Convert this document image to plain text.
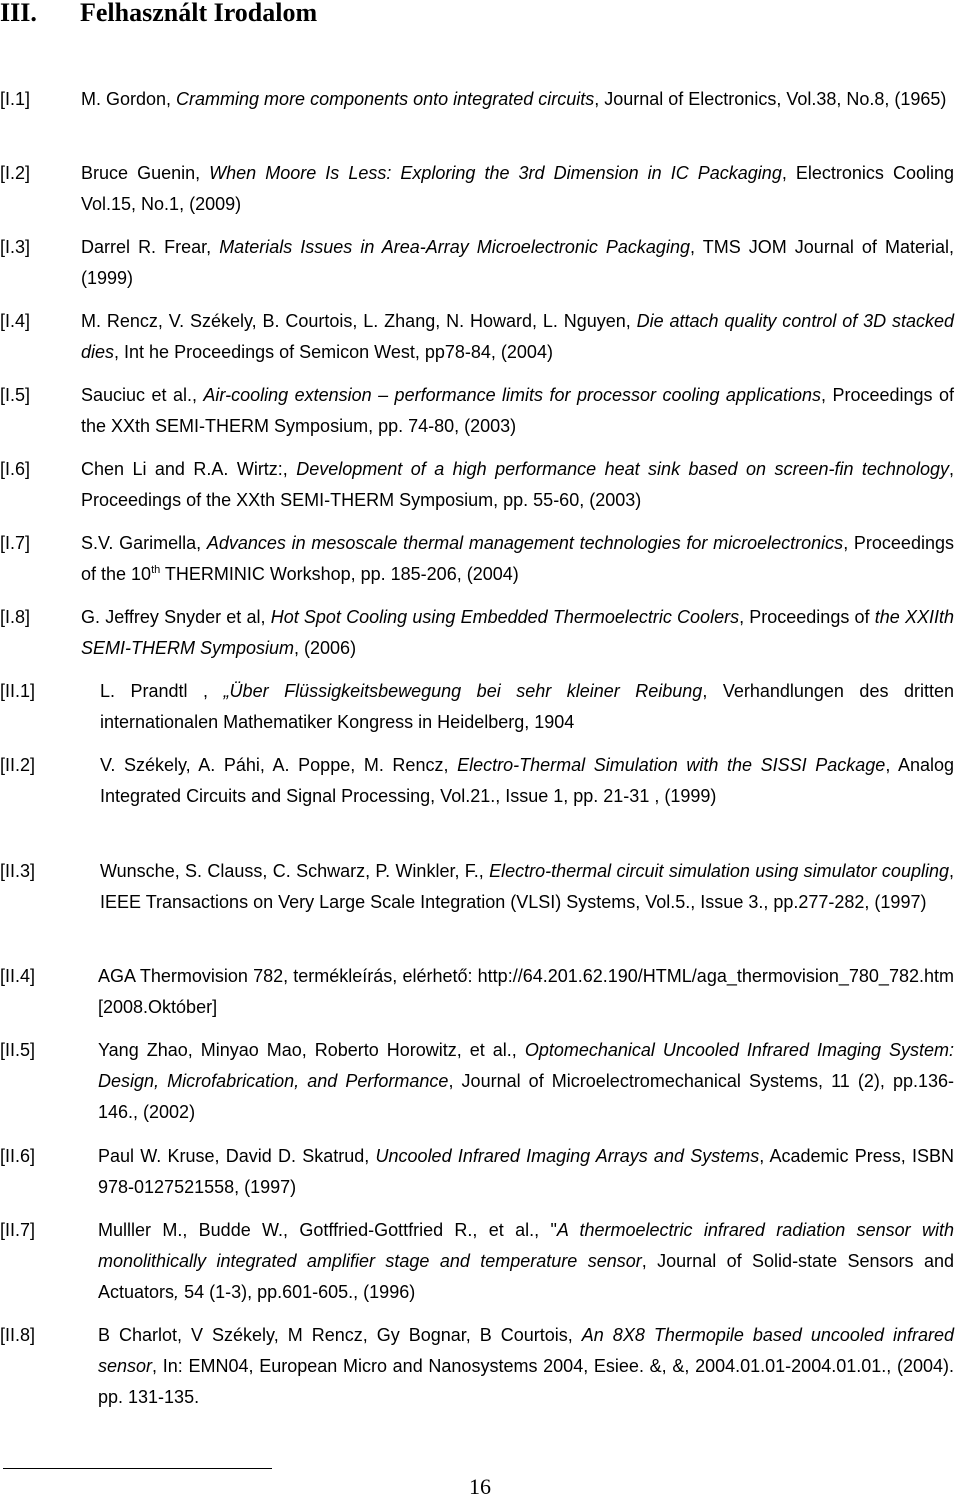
III. Felhasznált Irodalom
[I.1]	M. Gordon, Cramming more components onto integrated circuits, Journal of Electronics, Vol.38, No.8, (1965)
[I.2]	Bruce Guenin, When Moore Is Less: Exploring the 3rd Dimension in IC Packaging, Electronics Cooling Vol.15, No.1, (2009)
[I.3]	Darrel R. Frear, Materials Issues in Area-Array Microelectronic Packaging, TMS JOM Journal of Material, (1999)
[I.4]	M. Rencz, V. Székely, B. Courtois, L. Zhang, N. Howard, L. Nguyen, Die attach quality control of 3D stacked dies, Int he Proceedings of Semicon West, pp78-84, (2004)
[I.5]	Sauciuc et al., Air-cooling extension – performance limits for processor cooling applications, Proceedings of the XXth SEMI-THERM Symposium, pp. 74-80, (2003)
[I.6]	Chen Li and R.A. Wirtz:, Development of a high performance heat sink based on screen-fin technology, Proceedings of the XXth SEMI-THERM Symposium, pp. 55-60, (2003)
[I.7]	S.V. Garimella, Advances in mesoscale thermal management technologies for microelectronics, Proceedings of the 10th THERMINIC Workshop, pp. 185-206, (2004)
[I.8]	G. Jeffrey Snyder et al, Hot Spot Cooling using Embedded Thermoelectric Coolers, Proceedings of the XXIIth SEMI-THERM Symposium, (2006)
[II.1]	L. Prandtl , „Über Flüssigkeitsbewegung bei sehr kleiner Reibung, Verhandlungen des dritten internationalen Mathematiker Kongress in Heidelberg, 1904
[II.2]	V. Székely, A. Páhi, A. Poppe, M. Rencz, Electro-Thermal Simulation with the SISSI Package, Analog Integrated Circuits and Signal Processing, Vol.21., Issue 1, pp. 21-31 , (1999)
[II.3]	Wunsche, S. Clauss, C. Schwarz, P. Winkler, F., Electro-thermal circuit simulation using simulator coupling, IEEE Transactions on Very Large Scale Integration (VLSI) Systems, Vol.5., Issue 3., pp.277-282, (1997)
[II.4]	AGA Thermovision 782, termékleírás, elérhető: http://64.201.62.190/HTML/aga_thermovision_780_782.htm [2008.Október]
[II.5]	Yang Zhao, Minyao Mao, Roberto Horowitz, et al., Optomechanical Uncooled Infrared Imaging System: Design, Microfabrication, and Performance, Journal of Microelectromechanical Systems, 11 (2), pp.136-146., (2002)
[II.6]	Paul W. Kruse, David D. Skatrud, Uncooled Infrared Imaging Arrays and Systems, Academic Press, ISBN 978-0127521558, (1997)
[II.7]	Mulller M., Budde W., Gotffried-Gottfried R., et al., "A thermoelectric infrared radiation sensor with monolithically integrated amplifier stage and temperature sensor, Journal of Solid-state Sensors and Actuators, 54 (1-3), pp.601-605., (1996)
[II.8]	B Charlot, V Székely, M Rencz, Gy Bognar, B Courtois, An 8X8 Thermopile based uncooled infrared sensor, In: EMN04, European Micro and Nanosystems 2004, Esiee. &, &, 2004.01.01-2004.01.01., (2004). pp. 131-135.
16
